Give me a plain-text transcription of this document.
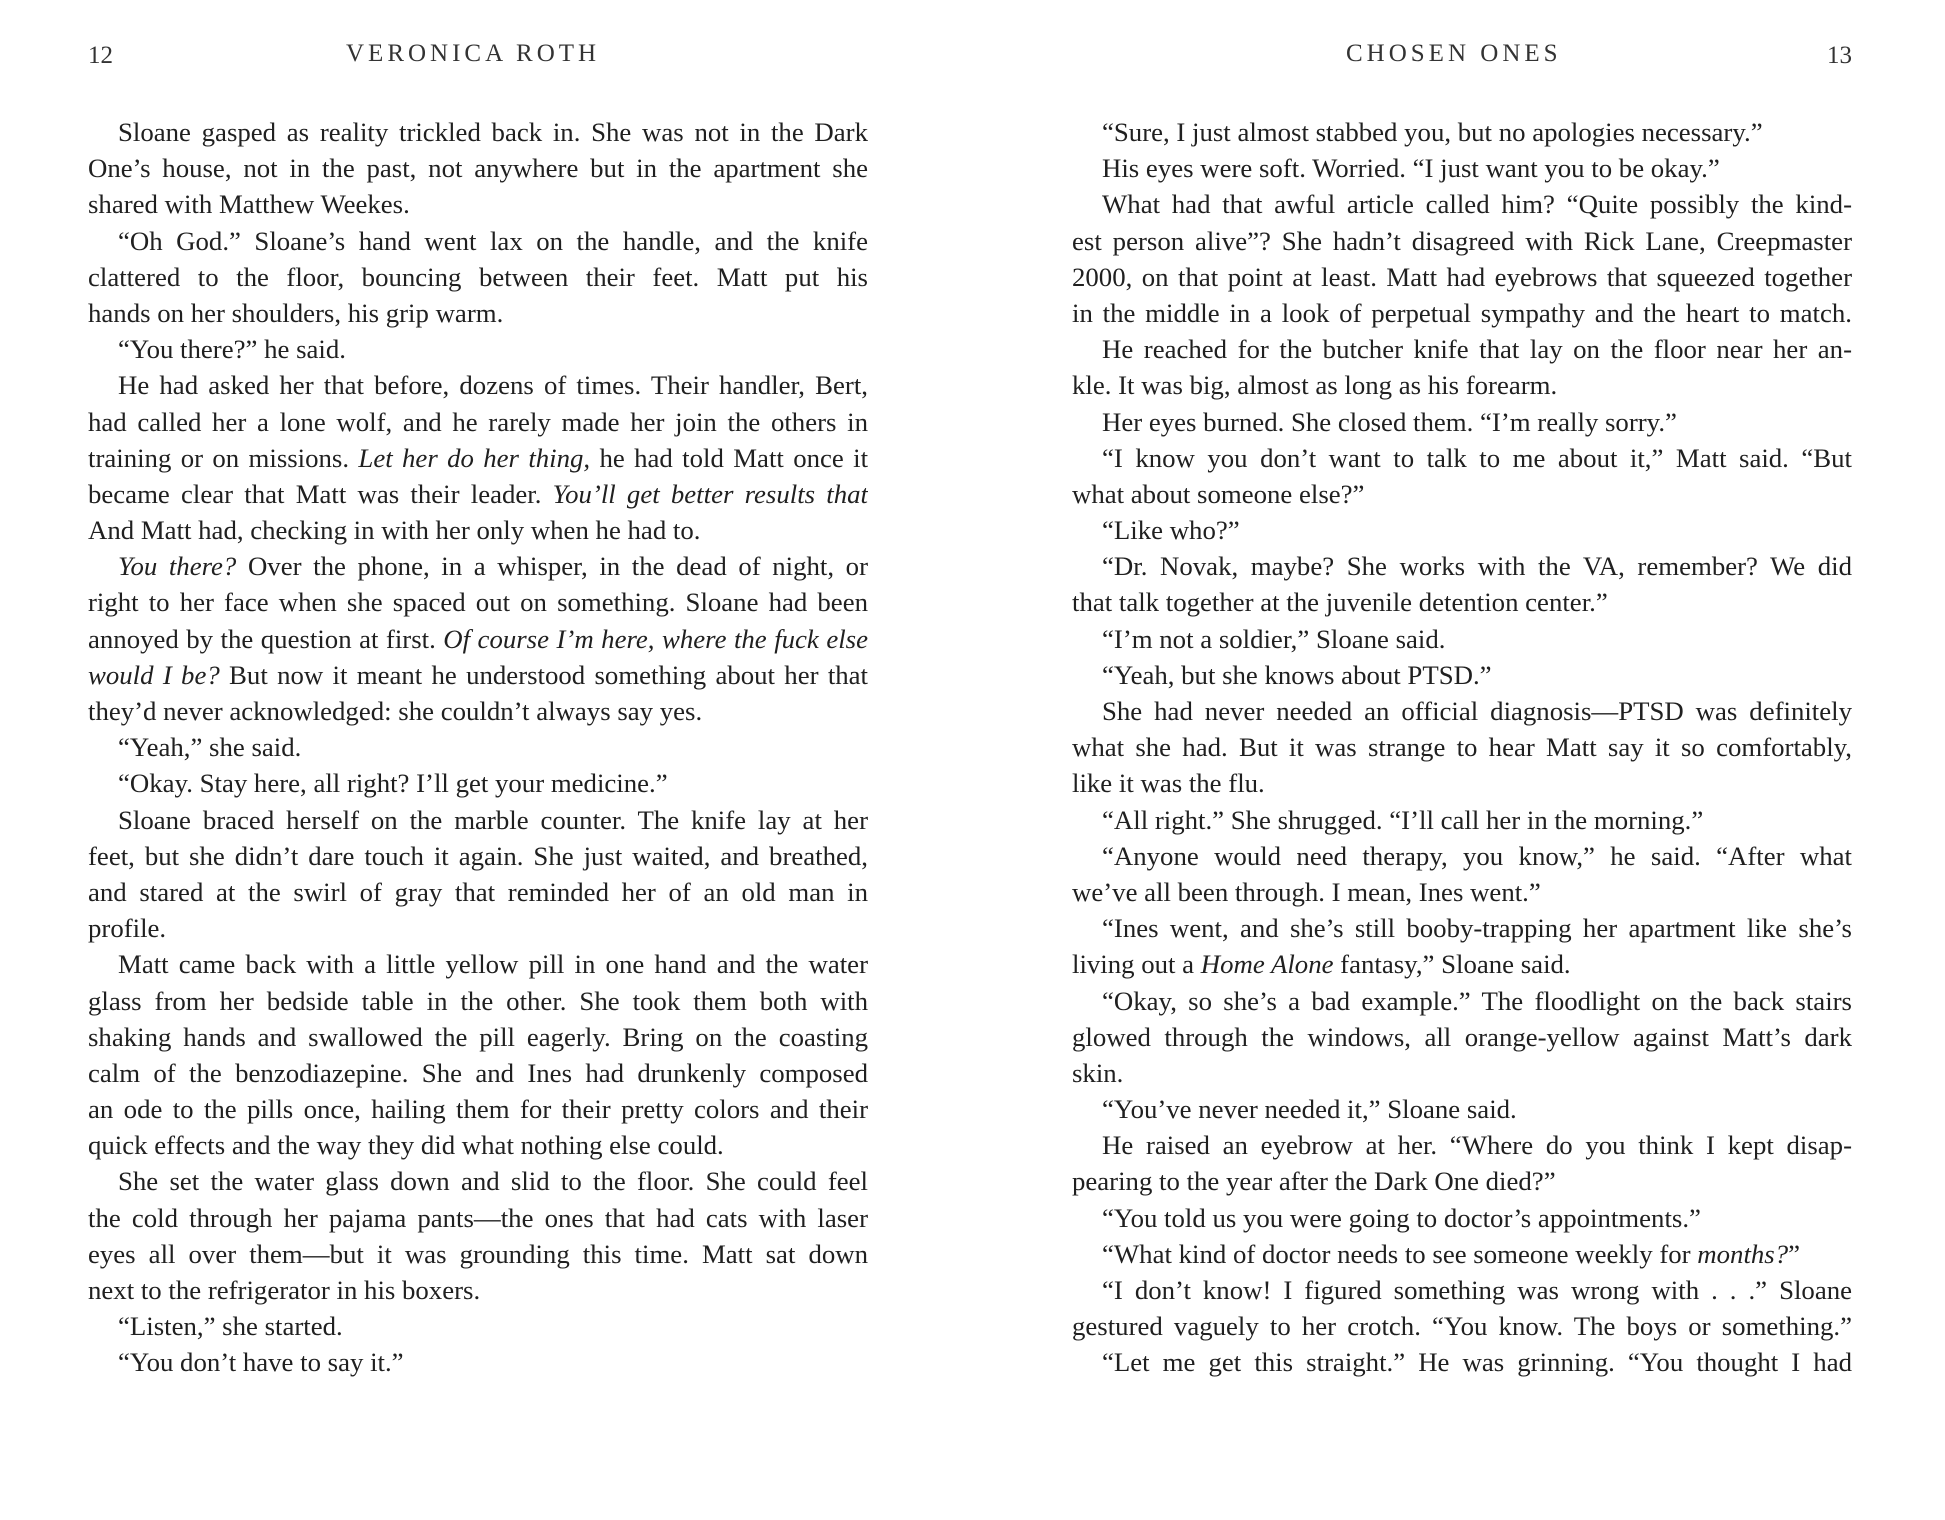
12	VERONICA ROTH
Sloane gasped as reality trickled back in. She was not in the Dark
One’s house, not in the past, not anywhere but in the apartment she
shared with Matthew Weekes.
“Oh God.” Sloane’s hand went lax on the handle, and the knife
clattered to the floor, bouncing between their feet. Matt put his
hands on her shoulders, his grip warm.
“You there?” he said.
He had asked her that before, dozens of times. Their handler, Bert,
had called her a lone wolf, and he rarely made her join the others in
training or on missions. Let her do her thing, he had told Matt once it
became clear that Matt was their leader. You’ll get better results that
And Matt had, checking in with her only when he had to.
You there? Over the phone, in a whisper, in the dead of night, or
right to her face when she spaced out on something. Sloane had been
annoyed by the question at first. Of course I’m here, where the fuck else
would I be? But now it meant he understood something about her that
they’d never acknowledged: she couldn’t always say yes.
“Yeah,” she said.
“Okay. Stay here, all right? I’ll get your medicine.”
Sloane braced herself on the marble counter. The knife lay at her
feet, but she didn’t dare touch it again. She just waited, and breathed,
and stared at the swirl of gray that reminded her of an old man in
profile.
Matt came back with a little yellow pill in one hand and the water
glass from her bedside table in the other. She took them both with
shaking hands and swallowed the pill eagerly. Bring on the coasting
calm of the benzodiazepine. She and Ines had drunkenly composed
an ode to the pills once, hailing them for their pretty colors and their
quick effects and the way they did what nothing else could.
She set the water glass down and slid to the floor. She could feel
the cold through her pajama pants—the ones that had cats with laser
eyes all over them—but it was grounding this time. Matt sat down
next to the refrigerator in his boxers.
“Listen,” she started.
“You don’t have to say it.”
CHOSEN ONES	13
“Sure, I just almost stabbed you, but no apologies necessary.”
His eyes were soft. Worried. “I just want you to be okay.”
What had that awful article called him? “Quite possibly the kind-
est person alive”? She hadn’t disagreed with Rick Lane, Creepmaster
2000, on that point at least. Matt had eyebrows that squeezed together
in the middle in a look of perpetual sympathy and the heart to match.
He reached for the butcher knife that lay on the floor near her an-
kle. It was big, almost as long as his forearm.
Her eyes burned. She closed them. “I’m really sorry.”
“I know you don’t want to talk to me about it,” Matt said. “But
what about someone else?”
“Like who?”
“Dr. Novak, maybe? She works with the VA, remember? We did
that talk together at the juvenile detention center.”
“I’m not a soldier,” Sloane said.
“Yeah, but she knows about PTSD.”
She had never needed an official diagnosis—PTSD was definitely
what she had. But it was strange to hear Matt say it so comfortably,
like it was the flu.
“All right.” She shrugged. “I’ll call her in the morning.”
“Anyone would need therapy, you know,” he said. “After what
we’ve all been through. I mean, Ines went.”
“Ines went, and she’s still booby-trapping her apartment like she’s
living out a Home Alone fantasy,” Sloane said.
“Okay, so she’s a bad example.” The floodlight on the back stairs
glowed through the windows, all orange-yellow against Matt’s dark
skin.
“You’ve never needed it,” Sloane said.
He raised an eyebrow at her. “Where do you think I kept disap-
pearing to the year after the Dark One died?”
“You told us you were going to doctor’s appointments.”
“What kind of doctor needs to see someone weekly for months?”
“I don’t know! I figured something was wrong with . . .” Sloane
gestured vaguely to her crotch. “You know. The boys or something.”
“Let me get this straight.” He was grinning. “You thought I had
